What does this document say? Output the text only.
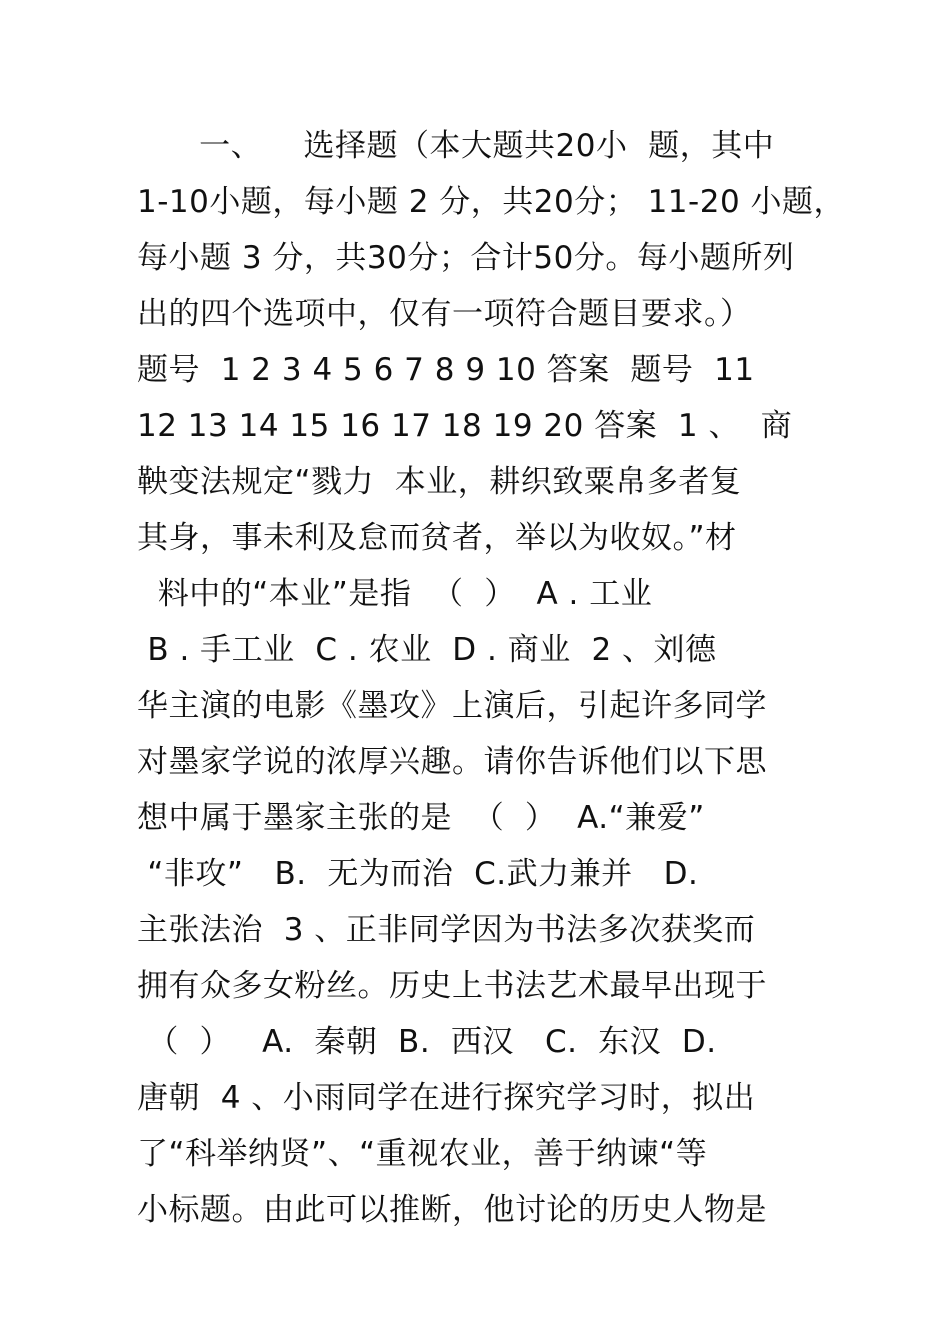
一、    选择题（本大题共20小  题，其中
1-10小题，每小题 2 分，共20分； 11-20 小题，
每小题 3 分，共30分；合计50分。每小题所列
出的四个选项中，仅有一项符合题目要求。）
题号  1 2 3 4 5 6 7 8 9 10 答案  题号  11
12 13 14 15 16 17 18 19 20 答案  1 、  商
鞅变法规定“戮力  本业，耕织致粟帛多者复
其身，事未利及怠而贫者，举以为收奴。”材
料中的“本业”是指  （  ）  A . 工业
B . 手工业  C . 农业  D . 商业  2 、刘德
华主演的电影《墨攻》上演后，引起许多同学
对墨家学说的浓厚兴趣。请你告诉他们以下思
想中属于墨家主张的是  （  ）  A.“兼爱”
“非攻”   B.  无为而治  C.武力兼并   D.
主张法治  3 、正非同学因为书法多次获奖而
拥有众多女粉丝。历史上书法艺术最早出现于
（  ）   A.  秦朝  B.  西汉   C.  东汉  D.
唐朝  4 、小雨同学在进行探究学习时，拟出
了“科举纳贤”、“重视农业，善于纳谏“等
小标题。由此可以推断，他讨论的历史人物是
